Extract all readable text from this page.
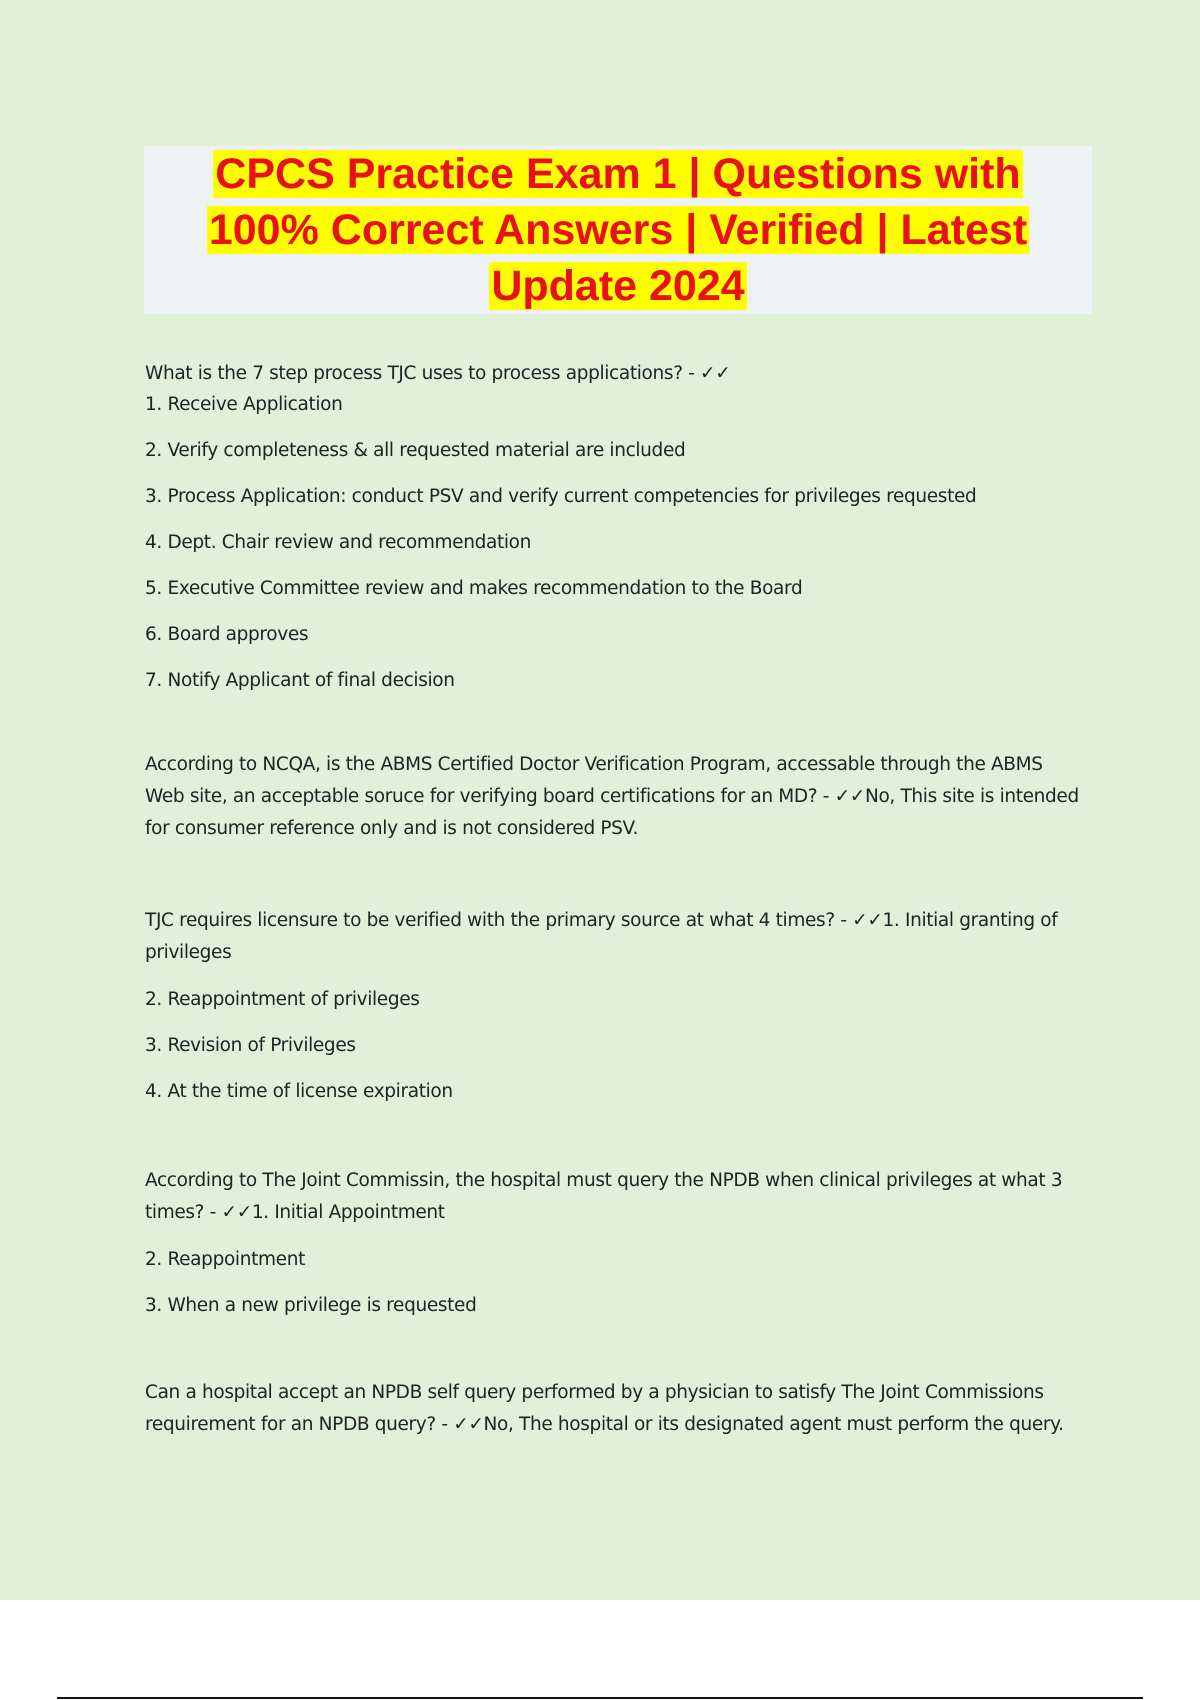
CPCS Practice Exam 1 | Questions with
100% Correct Answers | Verified | Latest
Update 2024

What is the 7 step process TJC uses to process applications? - ✓✓

1. Receive Application

2. Verify completeness & all requested material are included

3. Process Application: conduct PSV and verify current competencies for privileges requested

4. Dept. Chair review and recommendation

5. Executive Committee review and makes recommendation to the Board

6. Board approves

7. Notify Applicant of final decision

According to NCQA, is the ABMS Certified Doctor Verification Program, accessable through the ABMS Web site, an acceptable soruce for verifying board certifications for an MD? - ✓✓No, This site is intended for consumer reference only and is not considered PSV.

TJC requires licensure to be verified with the primary source at what 4 times? - ✓✓1. Initial granting of privileges

2. Reappointment of privileges

3. Revision of Privileges

4. At the time of license expiration

According to The Joint Commissin, the hospital must query the NPDB when clinical privileges at what 3 times? - ✓✓1. Initial Appointment

2. Reappointment

3. When a new privilege is requested

Can a hospital accept an NPDB self query performed by a physician to satisfy The Joint Commissions requirement for an NPDB query? - ✓✓No, The hospital or its designated agent must perform the query.
